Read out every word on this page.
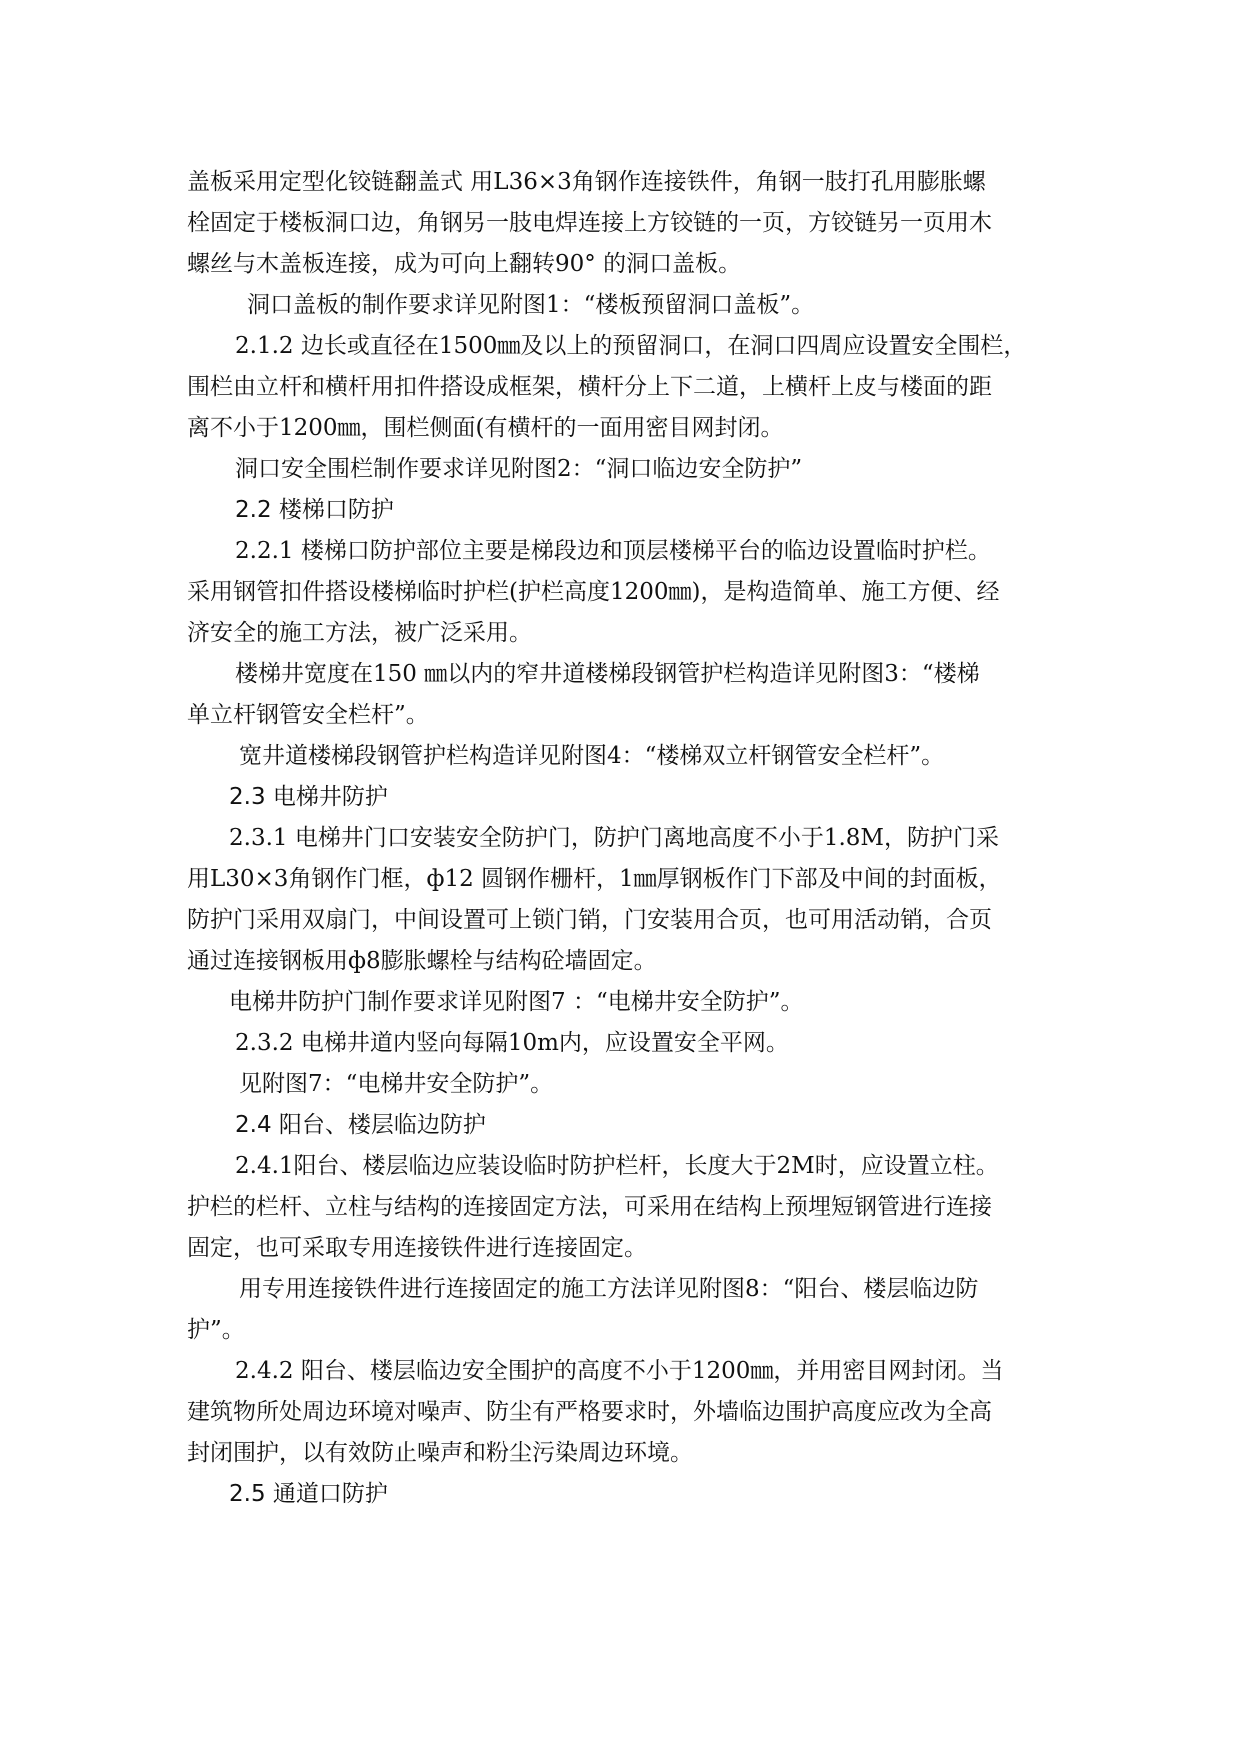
盖板采用定型化铰链翻盖式 用L36×3角钢作连接铁件，角钢一肢打孔用膨胀螺

栓固定于楼板洞口边，角钢另一肢电焊连接上方铰链的一页，方铰链另一页用木

螺丝与木盖板连接，成为可向上翻转90° 的洞口盖板。

洞口盖板的制作要求详见附图1：“楼板预留洞口盖板”。

2.1.2 边长或直径在1500㎜及以上的预留洞口，在洞口四周应设置安全围栏，

围栏由立杆和横杆用扣件搭设成框架，横杆分上下二道，上横杆上皮与楼面的距

离不小于1200㎜，围栏侧面(有横杆的一面用密目网封闭。

洞口安全围栏制作要求详见附图2：“洞口临边安全防护”

2.2 楼梯口防护

2.2.1 楼梯口防护部位主要是梯段边和顶层楼梯平台的临边设置临时护栏。

采用钢管扣件搭设楼梯临时护栏(护栏高度1200㎜)，是构造简单、施工方便、经

济安全的施工方法，被广泛采用。

楼梯井宽度在150 ㎜以内的窄井道楼梯段钢管护栏构造详见附图3：“楼梯

单立杆钢管安全栏杆”。

宽井道楼梯段钢管护栏构造详见附图4：“楼梯双立杆钢管安全栏杆”。

2.3 电梯井防护

2.3.1 电梯井门口安装安全防护门，防护门离地高度不小于1.8M，防护门采

用L30×3角钢作门框，ф12 圆钢作栅杆，1㎜厚钢板作门下部及中间的封面板，

防护门采用双扇门，中间设置可上锁门销，门安装用合页，也可用活动销，合页

通过连接钢板用ф8膨胀螺栓与结构砼墙固定。

电梯井防护门制作要求详见附图7 ：“电梯井安全防护”。

2.3.2 电梯井道内竖向每隔10m内，应设置安全平网。

见附图7：“电梯井安全防护”。

2.4 阳台、楼层临边防护

2.4.1阳台、楼层临边应装设临时防护栏杆，长度大于2M时，应设置立柱。

护栏的栏杆、立柱与结构的连接固定方法，可采用在结构上预埋短钢管进行连接

固定，也可采取专用连接铁件进行连接固定。

用专用连接铁件进行连接固定的施工方法详见附图8：“阳台、楼层临边防

护”。

2.4.2 阳台、楼层临边安全围护的高度不小于1200㎜，并用密目网封闭。当

建筑物所处周边环境对噪声、防尘有严格要求时，外墙临边围护高度应改为全高

封闭围护，以有效防止噪声和粉尘污染周边环境。

2.5 通道口防护
